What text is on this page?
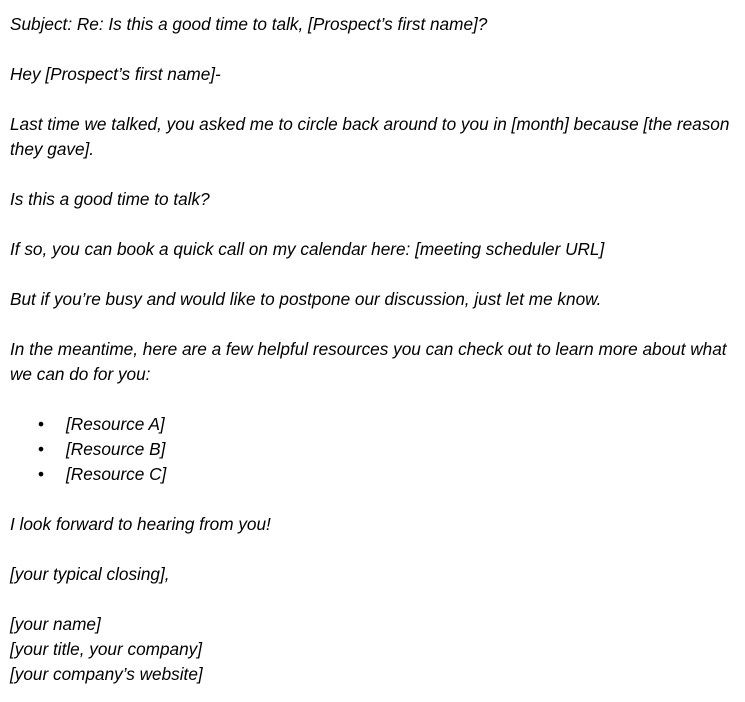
Subject: Re: Is this a good time to talk, [Prospect’s first name]?

Hey [Prospect’s first name]-

Last time we talked, you asked me to circle back around to you in [month] because [the reason they gave].

Is this a good time to talk?

If so, you can book a quick call on my calendar here: [meeting scheduler URL]

But if you’re busy and would like to postpone our discussion, just let me know.

In the meantime, here are a few helpful resources you can check out to learn more about what we can do for you:

• [Resource A]
• [Resource B]
• [Resource C]

I look forward to hearing from you!

[your typical closing],

[your name]

[your title, your company]

[your company’s website]
